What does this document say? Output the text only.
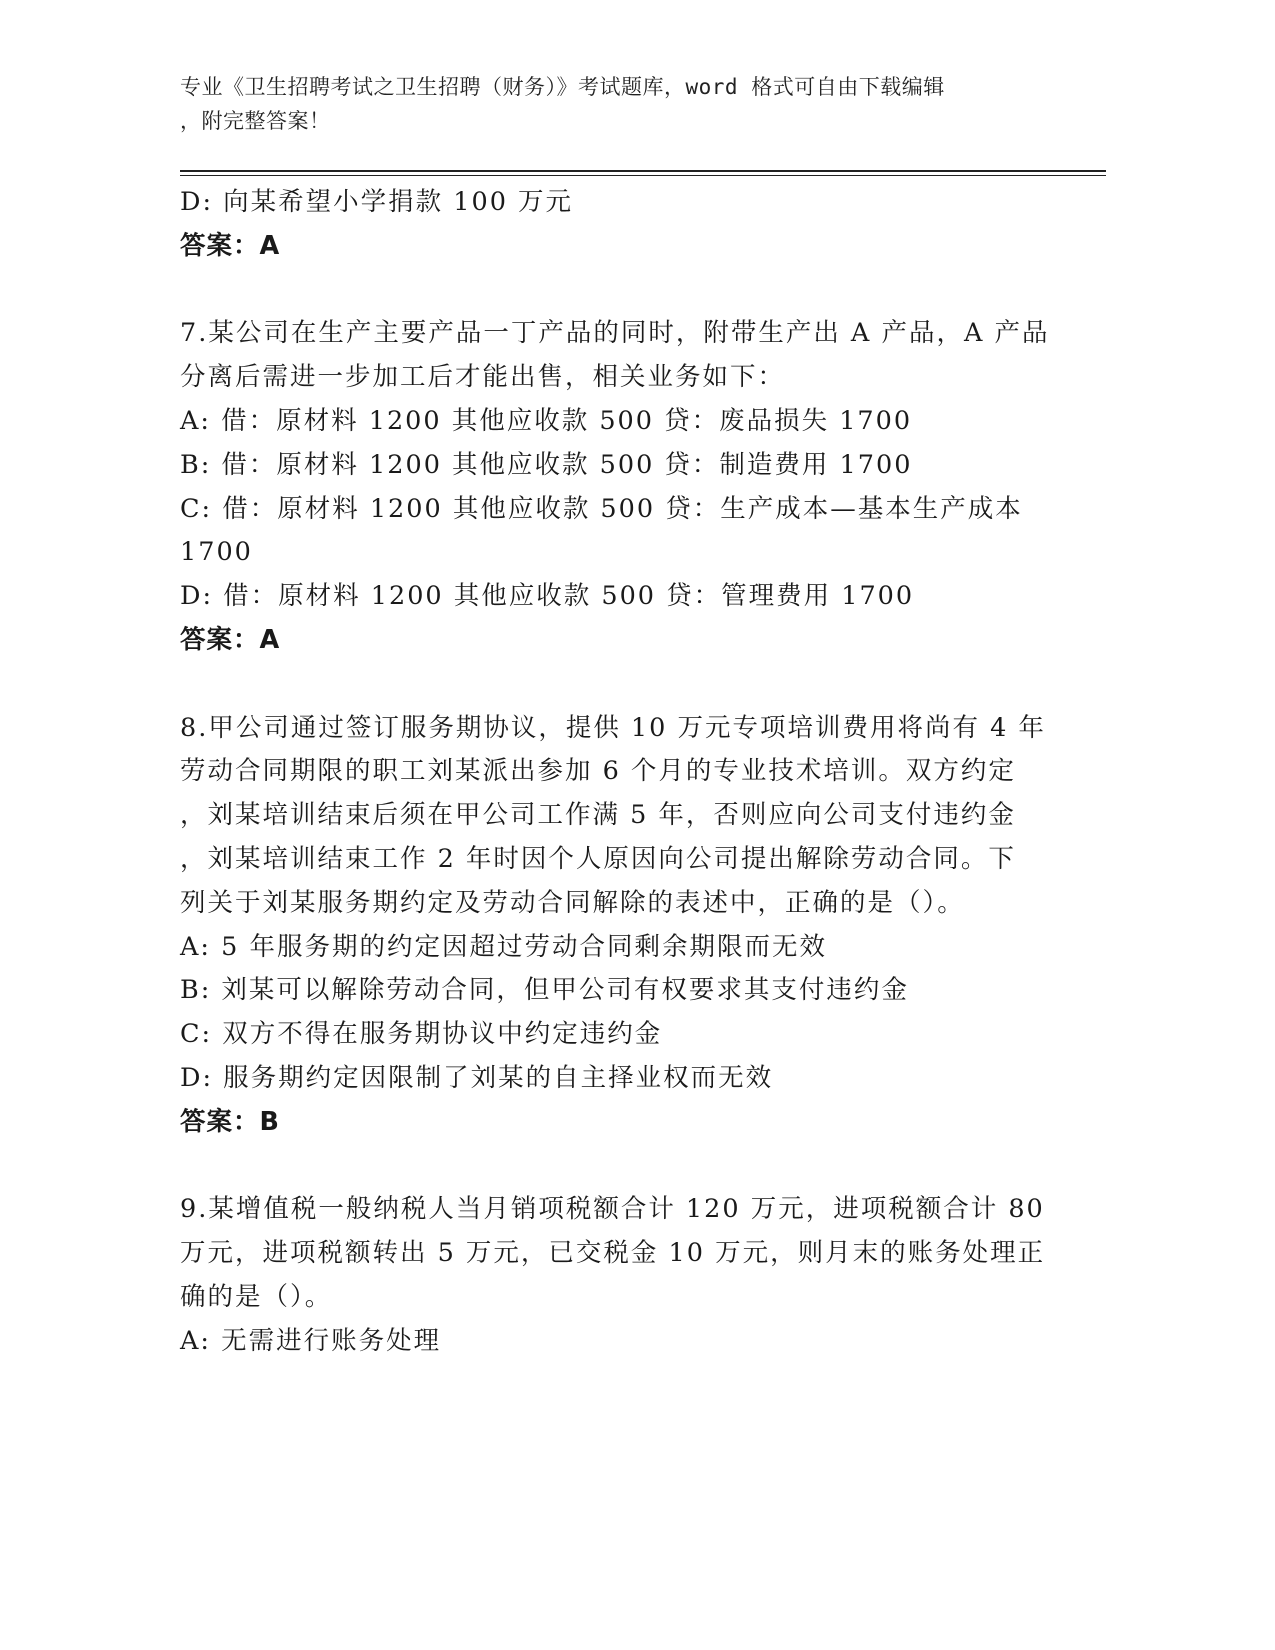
专业《卫生招聘考试之卫生招聘（财务）》考试题库，word 格式可自由下载编辑
，附完整答案！
D: 向某希望小学捐款 100 万元
答案：A
7.某公司在生产主要产品一丁产品的同时，附带生产出 A 产品，A 产品
分离后需进一步加工后才能出售，相关业务如下：
A: 借：原材料 1200 其他应收款 500 贷：废品损失 1700
B: 借：原材料 1200 其他应收款 500 贷：制造费用 1700
C: 借：原材料 1200 其他应收款 500 贷：生产成本—基本生产成本
1700
D: 借：原材料 1200 其他应收款 500 贷：管理费用 1700
答案：A
8.甲公司通过签订服务期协议，提供 10 万元专项培训费用将尚有 4 年
劳动合同期限的职工刘某派出参加 6 个月的专业技术培训。双方约定
，刘某培训结束后须在甲公司工作满 5 年，否则应向公司支付违约金
，刘某培训结束工作 2 年时因个人原因向公司提出解除劳动合同。下
列关于刘某服务期约定及劳动合同解除的表述中，正确的是（）。
A: 5 年服务期的约定因超过劳动合同剩余期限而无效
B: 刘某可以解除劳动合同，但甲公司有权要求其支付违约金
C: 双方不得在服务期协议中约定违约金
D: 服务期约定因限制了刘某的自主择业权而无效
答案：B
9.某增值税一般纳税人当月销项税额合计 120 万元，进项税额合计 80
万元，进项税额转出 5 万元，已交税金 10 万元，则月末的账务处理正
确的是（）。
A: 无需进行账务处理
